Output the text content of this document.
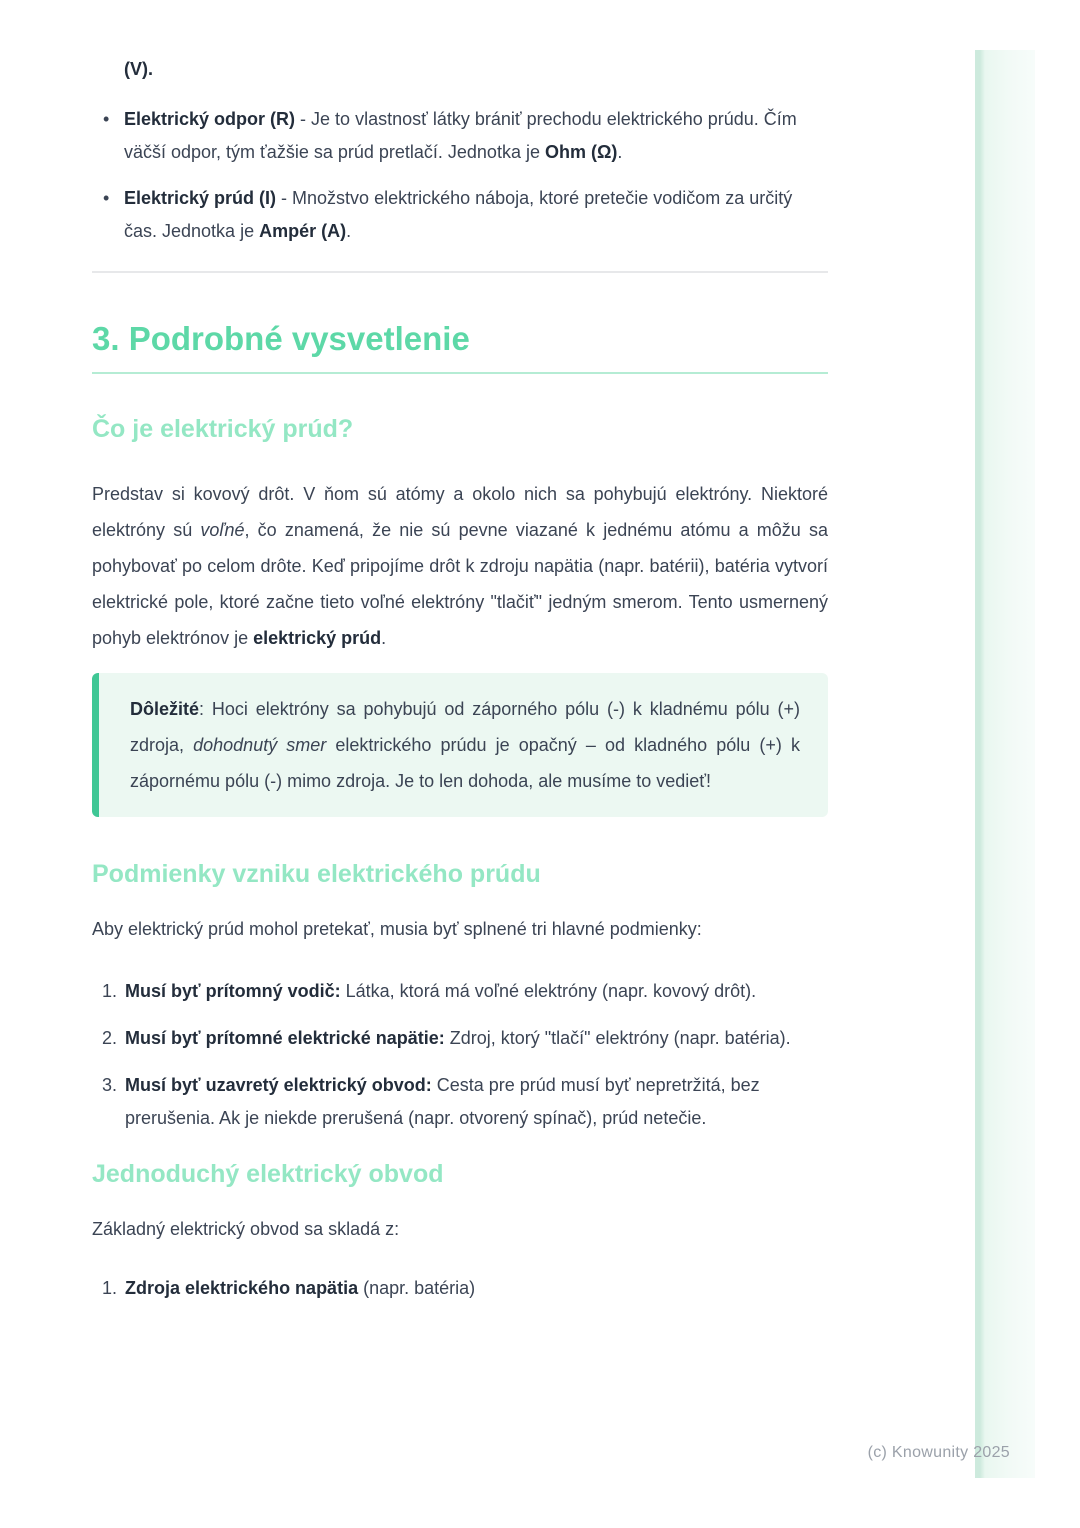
(V).

• Elektrický odpor (R) - Je to vlastnosť látky brániť prechodu elektrického prúdu. Čím väčší odpor, tým ťažšie sa prúd pretlačí. Jednotka je Ohm (Ω).
• Elektrický prúd (I) - Množstvo elektrického náboja, ktoré pretečie vodičom za určitý čas. Jednotka je Ampér (A).
3. Podrobné vysvetlenie
Čo je elektrický prúd?

Predstav si kovový drôt. V ňom sú atómy a okolo nich sa pohybujú elektróny. Niektoré elektróny sú voľné, čo znamená, že nie sú pevne viazané k jednému atómu a môžu sa pohybovať po celom drôte. Keď pripojíme drôt k zdroju napätia (napr. batérii), batéria vytvorí elektrické pole, ktoré začne tieto voľné elektróny "tlačiť" jedným smerom. Tento usmernený pohyb elektrónov je elektrický prúd.

Dôležité: Hoci elektróny sa pohybujú od záporného pólu (-) k kladnému pólu (+) zdroja, dohodnutý smer elektrického prúdu je opačný – od kladného pólu (+) k zápornému pólu (-) mimo zdroja. Je to len dohoda, ale musíme to vedieť!

Podmienky vzniku elektrického prúdu

Aby elektrický prúd mohol pretekať, musia byť splnené tri hlavné podmienky:

Musí byť prítomný vodič: Látka, ktorá má voľné elektróny (napr. kovový drôt).
Musí byť prítomné elektrické napätie: Zdroj, ktorý "tlačí" elektróny (napr. batéria).
Musí byť uzavretý elektrický obvod: Cesta pre prúd musí byť nepretržitá, bez prerušenia. Ak je niekde prerušená (napr. otvorený spínač), prúd netečie.
Jednoduchý elektrický obvod

Základný elektrický obvod sa skladá z:

Zdroja elektrického napätia (napr. batéria)
(c) Knowunity 2025
